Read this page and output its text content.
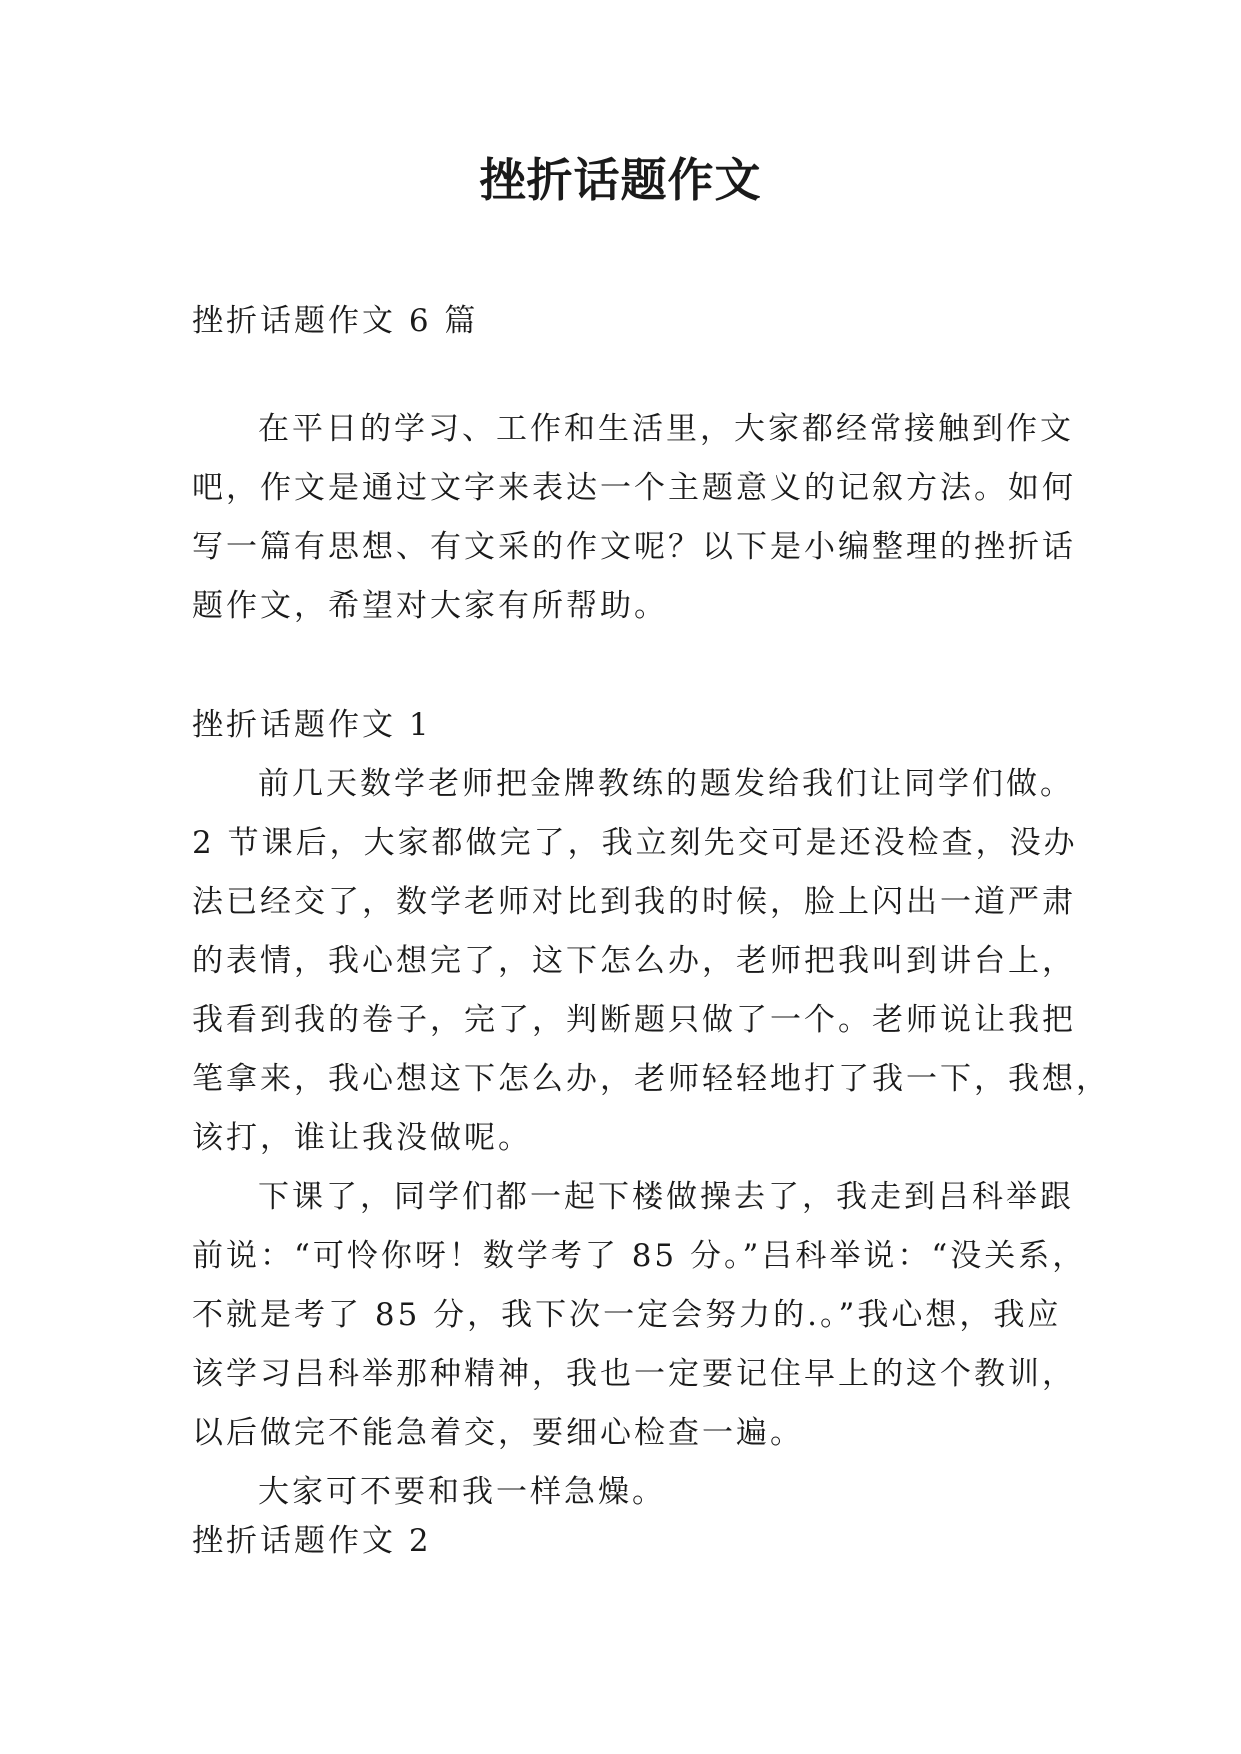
挫折话题作文
挫折话题作文 6 篇
在平日的学习、工作和生活里，大家都经常接触到作文
吧，作文是通过文字来表达一个主题意义的记叙方法。如何
写一篇有思想、有文采的作文呢？以下是小编整理的挫折话
题作文，希望对大家有所帮助。
挫折话题作文 1
前几天数学老师把金牌教练的题发给我们让同学们做。
2 节课后，大家都做完了，我立刻先交可是还没检查，没办
法已经交了，数学老师对比到我的时候，脸上闪出一道严肃
的表情，我心想完了，这下怎么办，老师把我叫到讲台上，
我看到我的卷子，完了，判断题只做了一个。老师说让我把
笔拿来，我心想这下怎么办，老师轻轻地打了我一下，我想，
该打，谁让我没做呢。
下课了，同学们都一起下楼做操去了，我走到吕科举跟
前说：“可怜你呀！数学考了 85 分。”吕科举说：“没关系，
不就是考了 85 分，我下次一定会努力的.。”我心想，我应
该学习吕科举那种精神，我也一定要记住早上的这个教训，
以后做完不能急着交，要细心检查一遍。
大家可不要和我一样急燥。
挫折话题作文 2
